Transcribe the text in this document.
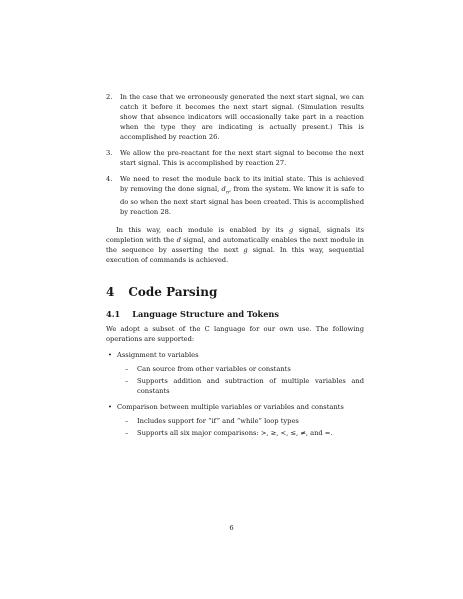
2. In the case that we erroneously generated the next start signal, we can catch it before it becomes the next start signal. (Simulation results show that absence indicators will occasionally take part in a reaction when the type they are indicating is actually present.) This is accomplished by reaction 26.

3. We allow the pre-reactant for the next start signal to become the next start signal. This is accomplished by reaction 27.

4. We need to reset the module back to its initial state. This is achieved by removing the done signal, $d_n$, from the system. We know it is safe to do so when the next start signal has been created. This is accomplished by reaction 28.

In this way, each module is enabled by its g signal, signals its completion with the d signal, and automatically enables the next module in the sequence by asserting the next g signal. In this way, sequential execution of commands is achieved.

4 Code Parsing
4.1 Language Structure and Tokens

We adopt a subset of the C language for our own use. The following operations are supported:

• Assignment to variables

– Can source from other variables or constants

– Supports addition and subtraction of multiple variables and constants

• Comparison between multiple variables or variables and constants

– Includes support for “if” and “while” loop types

– Supports all six major comparisons: >, ≥, <, ≤, ≠, and =.

6
